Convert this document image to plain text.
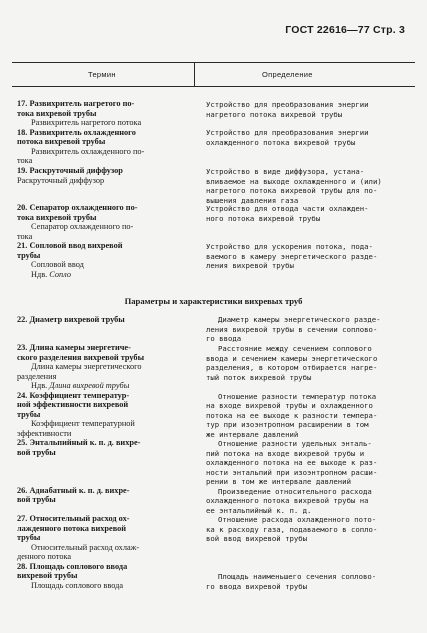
ГОСТ 22616—77 Стр. 3
Термин	Определение
17. Развихритель нагретого по-
тока вихревой трубы
Развихритель нагретого потока
Устройство для преобразования энергии
нагретого потока вихревой трубы
18. Развихритель охлажденного
потока вихревой трубы
Развихритель охлажденного по-
тока
Устройство для преобразования энергии
охлажденного потока вихревой трубы
19. Раскруточный диффузор
Раскруточный диффузор
Устройство в виде диффузора, устана-
вливаемое на выходе охлажденного и (или)
нагретого потока вихревой трубы для по-
вышения давления газа
20. Сепаратор охлажденного по-
тока вихревой трубы
Сепаратор охлажденного по-
тока
Устройство для отвода части охлажден-
ного потока вихревой трубы
21. Сопловой ввод вихревой
трубы
Сопловой ввод
Ндв. Сопло
Устройство для ускорения потока, пода-
ваемого в камеру энергетического разде-
ления вихревой трубы
Параметры и характеристики вихревых труб
22. Диаметр вихревой трубы	Диаметр камеры энергетического разде-
ления вихревой трубы в сечении соплово-
го ввода
23. Длина камеры энергетиче-
ского разделения вихревой трубы
Длина камеры энергетического
разделения
Ндв. Длина вихревой трубы
Расстояние между сечением соплового
ввода и сечением камеры энергетического
разделения, в котором отбирается нагре-
тый поток вихревой трубы
24. Коэффициент температур-
ной эффективности вихревой
трубы
Коэффициент температурной
эффективности
Отношение разности температур потока
на входе вихревой трубы и охлажденного
потока на ее выходе к разности темпера-
тур при изоэнтропном расширении в том
же интервале давлений
25. Энтальпийный к. п. д. вихре-
вой трубы
Отношение разности удельных энталь-
пий потока на входе вихревой трубы и
охлажденного потока на ее выходе к раз-
ности энтальпий при изоэнтропном расши-
рении в том же интервале давлений
26. Адиабатный к. п. д. вихре-
вой трубы
Произведение относительного расхода
охлажденного потока вихревой трубы на
ее энтальпийный к. п. д.
27. Относительный расход ох-
лажденного потока вихревой
трубы
Относительный расход охлаж-
денного потока
Отношение расхода охлажденного пото-
ка к расходу газа, подаваемого в сопло-
вой ввод вихревой трубы
28. Площадь соплового ввода
вихревой трубы
Площадь соплового ввода
Площадь наименьшего сечения соплово-
го ввода вихревой трубы
